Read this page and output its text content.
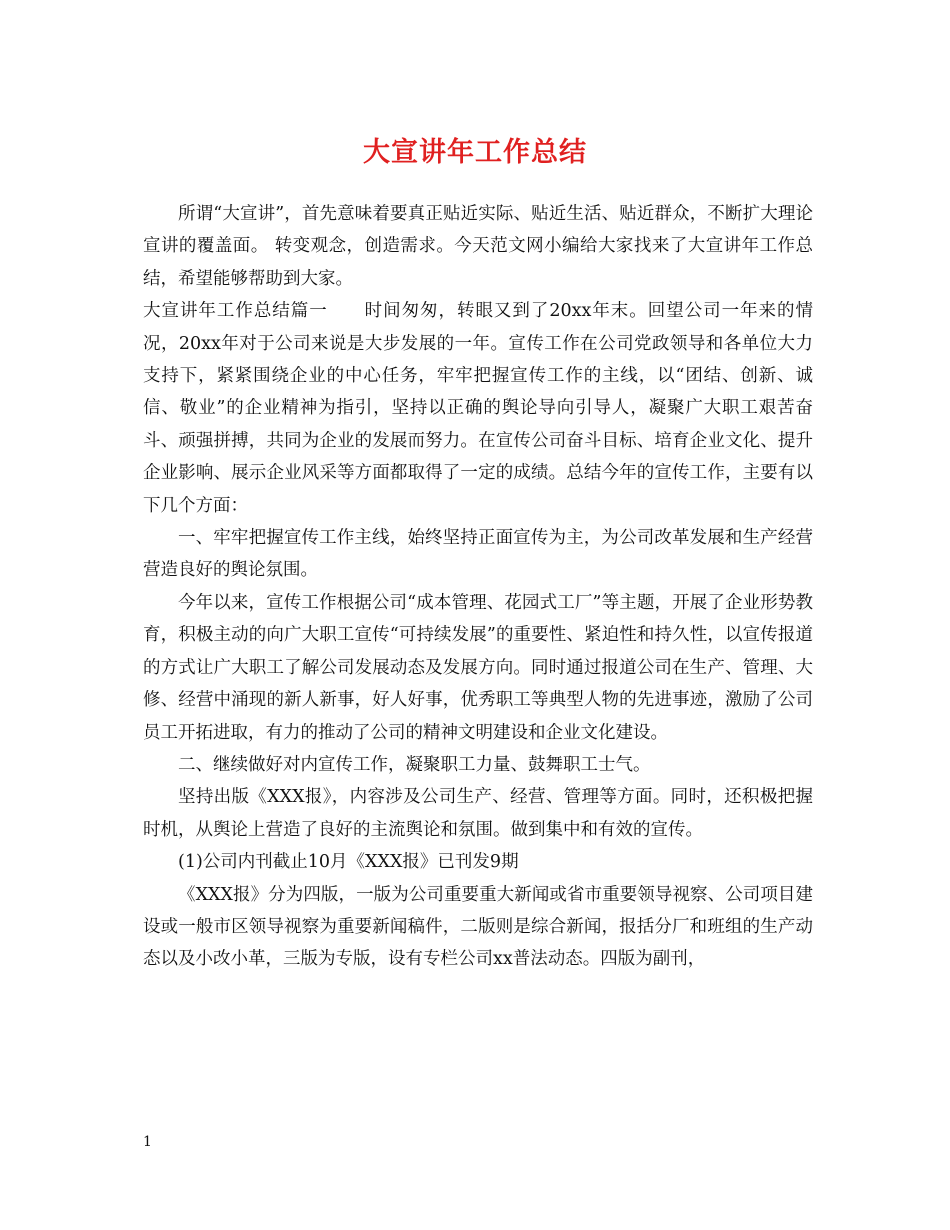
大宣讲年工作总结

所谓“大宣讲”，首先意味着要真正贴近实际、贴近生活、贴近群众，不断扩大理论宣讲的覆盖面。 转变观念，创造需求。今天范文网小编给大家找来了大宣讲年工作总结，希望能够帮助到大家。

大宣讲年工作总结篇一　　时间匆匆，转眼又到了20xx年末。回望公司一年来的情况，20xx年对于公司来说是大步发展的一年。宣传工作在公司党政领导和各单位大力支持下，紧紧围绕企业的中心任务，牢牢把握宣传工作的主线，以“团结、创新、诚信、敬业”的企业精神为指引，坚持以正确的舆论导向引导人，凝聚广大职工艰苦奋斗、顽强拼搏，共同为企业的发展而努力。在宣传公司奋斗目标、培育企业文化、提升企业影响、展示企业风采等方面都取得了一定的成绩。总结今年的宣传工作，主要有以下几个方面：

一、牢牢把握宣传工作主线，始终坚持正面宣传为主，为公司改革发展和生产经营营造良好的舆论氛围。

今年以来，宣传工作根据公司“成本管理、花园式工厂”等主题，开展了企业形势教育，积极主动的向广大职工宣传“可持续发展”的重要性、紧迫性和持久性，以宣传报道的方式让广大职工了解公司发展动态及发展方向。同时通过报道公司在生产、管理、大修、经营中涌现的新人新事，好人好事，优秀职工等典型人物的先进事迹，激励了公司员工开拓进取，有力的推动了公司的精神文明建设和企业文化建设。

二、继续做好对内宣传工作，凝聚职工力量、鼓舞职工士气。

坚持出版《XXX报》，内容涉及公司生产、经营、管理等方面。同时，还积极把握时机，从舆论上营造了良好的主流舆论和氛围。做到集中和有效的宣传。

(1)公司内刊截止10月《XXX报》已刊发9期

《XXX报》分为四版，一版为公司重要重大新闻或省市重要领导视察、公司项目建设或一般市区领导视察为重要新闻稿件，二版则是综合新闻，报括分厂和班组的生产动态以及小改小革，三版为专版，设有专栏公司xx普法动态。四版为副刊，

1
